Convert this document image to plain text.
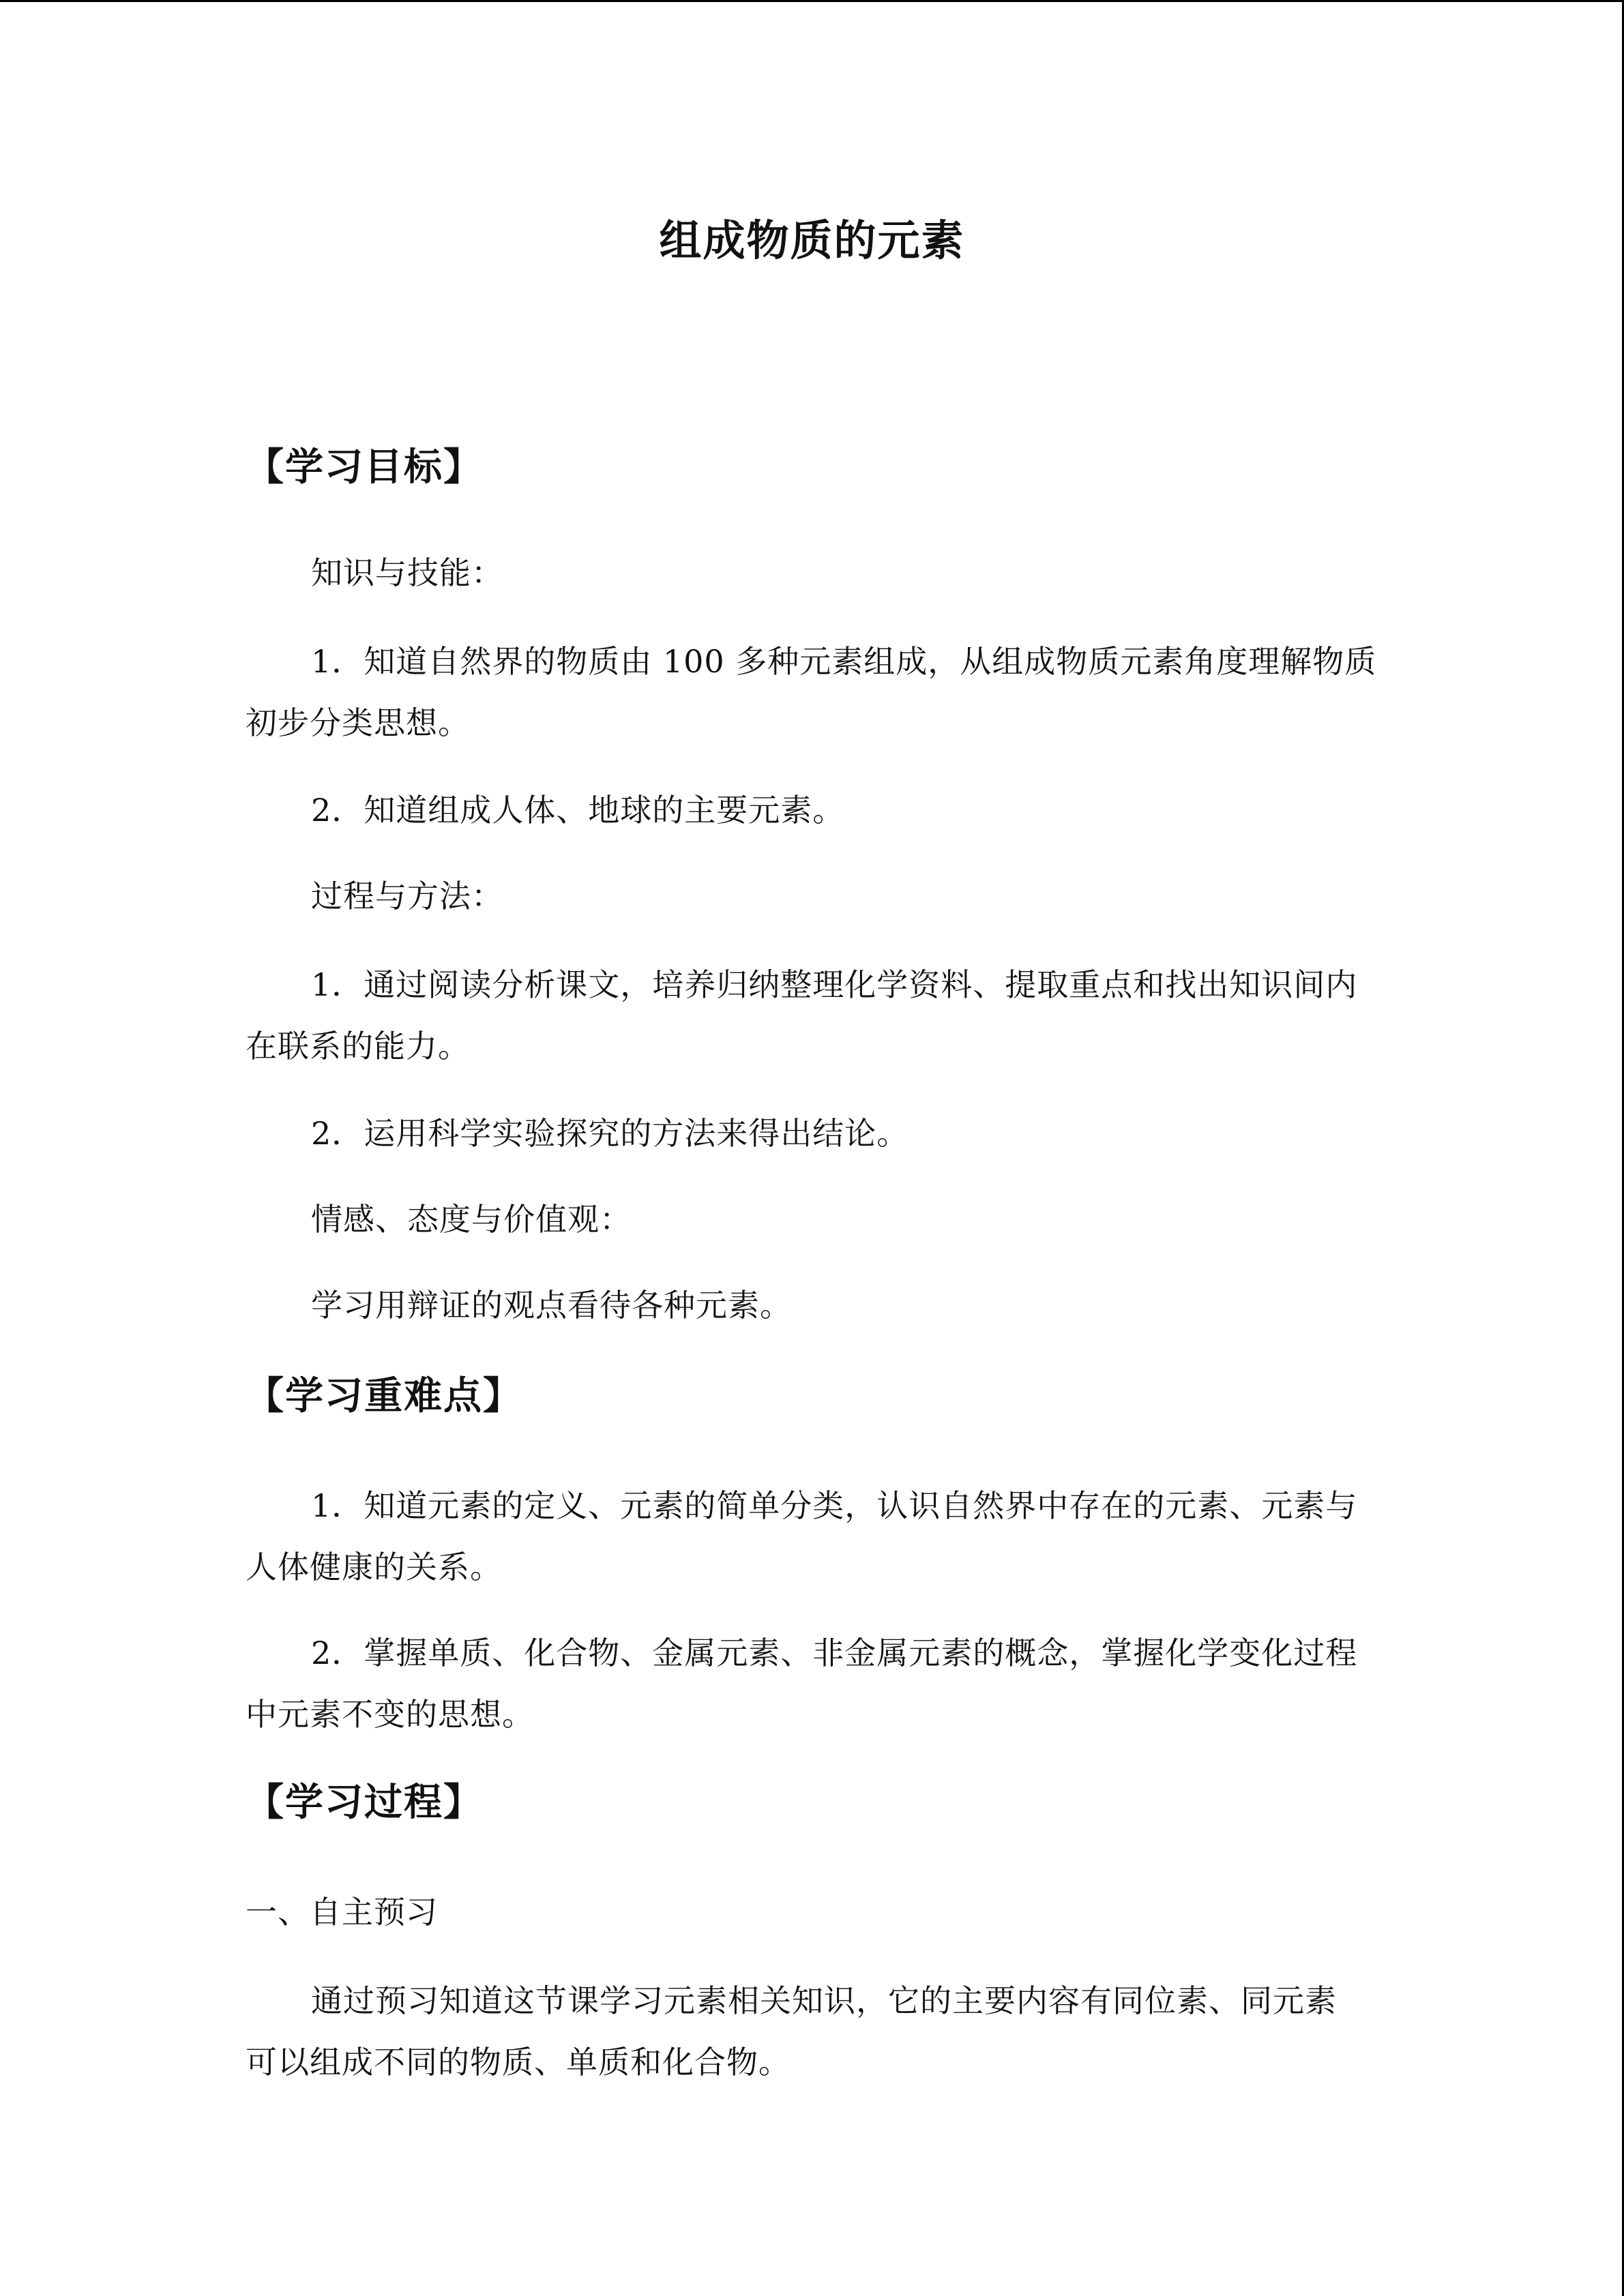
组成物质的元素
【学习目标】
知识与技能：
1．知道自然界的物质由 100 多种元素组成，从组成物质元素角度理解物质
初步分类思想。
2．知道组成人体、地球的主要元素。
过程与方法：
1．通过阅读分析课文，培养归纳整理化学资料、提取重点和找出知识间内
在联系的能力。
2．运用科学实验探究的方法来得出结论。
情感、态度与价值观：
学习用辩证的观点看待各种元素。
【学习重难点】
1．知道元素的定义、元素的简单分类，认识自然界中存在的元素、元素与
人体健康的关系。
2．掌握单质、化合物、金属元素、非金属元素的概念，掌握化学变化过程
中元素不变的思想。
【学习过程】
一、自主预习
通过预习知道这节课学习元素相关知识，它的主要内容有同位素、同元素
可以组成不同的物质、单质和化合物。
